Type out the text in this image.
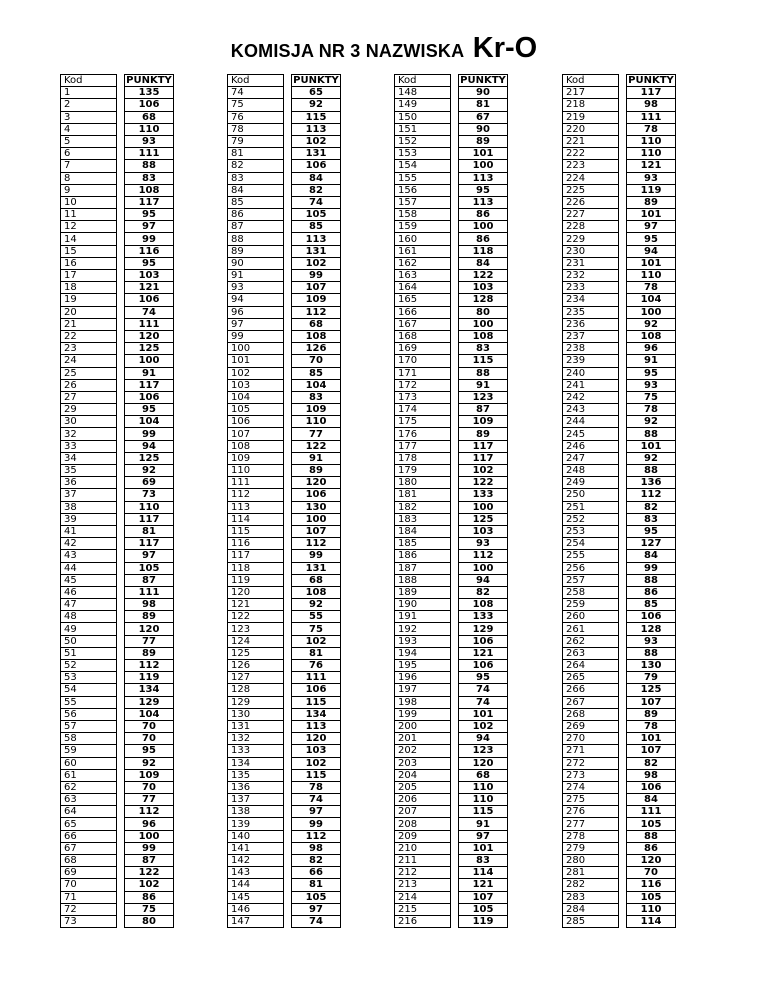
KOMISJA NR 3 NAZWISKA Kr-O
Kod		PUNKTY
1		135
2		106
3		68
4		110
5		93
6		111
7		88
8		83
9		108
10		117
11		95
12		97
14		99
15		116
16		95
17		103
18		121
19		106
20		74
21		111
22		120
23		125
24		100
25		91
26		117
27		106
29		95
30		104
32		99
33		94
34		125
35		92
36		69
37		73
38		110
39		117
41		81
42		117
43		97
44		105
45		87
46		111
47		98
48		89
49		120
50		77
51		89
52		112
53		119
54		134
55		129
56		104
57		70
58		70
59		95
60		92
61		109
62		70
63		77
64		112
65		96
66		100
67		99
68		87
69		122
70		102
71		86
72		75
73		80
Kod		PUNKTY
74		65
75		92
76		115
78		113
79		102
81		131
82		106
83		84
84		82
85		74
86		105
87		85
88		113
89		131
90		102
91		99
93		107
94		109
96		112
97		68
99		108
100		126
101		70
102		85
103		104
104		83
105		109
106		110
107		77
108		122
109		91
110		89
111		120
112		106
113		130
114		100
115		107
116		112
117		99
118		131
119		68
120		108
121		92
122		55
123		75
124		102
125		81
126		76
127		111
128		106
129		115
130		134
131		113
132		120
133		103
134		102
135		115
136		78
137		74
138		97
139		99
140		112
141		98
142		82
143		66
144		81
145		105
146		97
147		74
Kod		PUNKTY
148		90
149		81
150		67
151		90
152		89
153		101
154		100
155		113
156		95
157		113
158		86
159		100
160		86
161		118
162		84
163		122
164		103
165		128
166		80
167		100
168		108
169		83
170		115
171		88
172		91
173		123
174		87
175		109
176		89
177		117
178		117
179		102
180		122
181		133
182		100
183		125
184		103
185		93
186		112
187		100
188		94
189		82
190		108
191		133
192		129
193		106
194		121
195		106
196		95
197		74
198		74
199		101
200		102
201		94
202		123
203		120
204		68
205		110
206		110
207		115
208		91
209		97
210		101
211		83
212		114
213		121
214		107
215		105
216		119
Kod		PUNKTY
217		117
218		98
219		111
220		78
221		110
222		110
223		121
224		93
225		119
226		89
227		101
228		97
229		95
230		94
231		101
232		110
233		78
234		104
235		100
236		92
237		108
238		96
239		91
240		95
241		93
242		75
243		78
244		92
245		88
246		101
247		92
248		88
249		136
250		112
251		82
252		83
253		95
254		127
255		84
256		99
257		88
258		86
259		85
260		106
261		128
262		93
263		88
264		130
265		79
266		125
267		107
268		89
269		78
270		101
271		107
272		82
273		98
274		106
275		84
276		111
277		105
278		88
279		86
280		120
281		70
282		116
283		105
284		110
285		114
